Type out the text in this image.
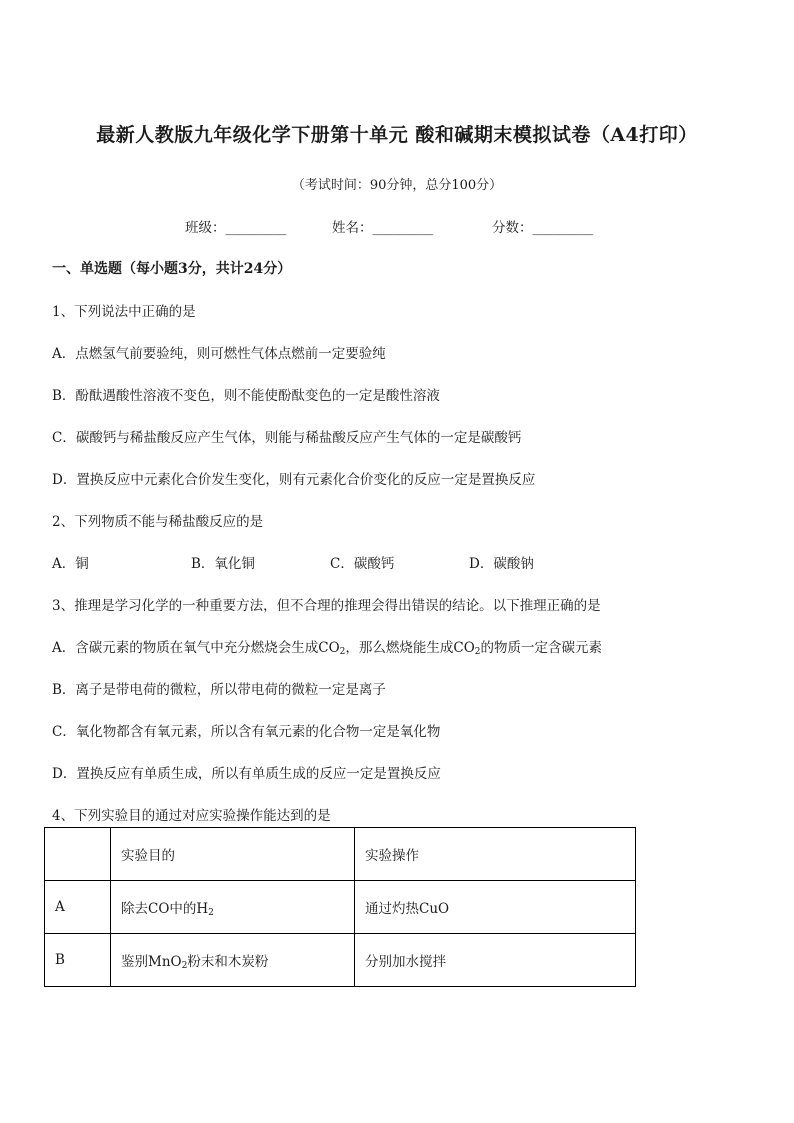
最新人教版九年级化学下册第十单元 酸和碱期末模拟试卷（A4打印）
（考试时间：90分钟，总分100分）
班级：_________	姓名：_________	分数：_________
一、单选题（每小题3分，共计24分）
1、下列说法中正确的是
A．点燃氢气前要验纯，则可燃性气体点燃前一定要验纯
B．酚酞遇酸性溶液不变色，则不能使酚酞变色的一定是酸性溶液
C．碳酸钙与稀盐酸反应产生气体，则能与稀盐酸反应产生气体的一定是碳酸钙
D．置换反应中元素化合价发生变化，则有元素化合价变化的反应一定是置换反应
2、下列物质不能与稀盐酸反应的是
A．铜	B．氧化铜	C．碳酸钙	D．碳酸钠
3、推理是学习化学的一种重要方法，但不合理的推理会得出错误的结论。以下推理正确的是
A．含碳元素的物质在氧气中充分燃烧会生成$CO_2$，那么燃烧能生成$CO_2$的物质一定含碳元素
B．离子是带电荷的微粒，所以带电荷的微粒一定是离子
C．氧化物都含有氧元素，所以含有氧元素的化合物一定是氧化物
D．置换反应有单质生成，所以有单质生成的反应一定是置换反应
4、下列实验目的通过对应实验操作能达到的是
	实验目的	实验操作
A	除去CO中的$H_2$	通过灼热CuO
B	鉴别MnO$_2$粉末和木炭粉	分别加水搅拌
